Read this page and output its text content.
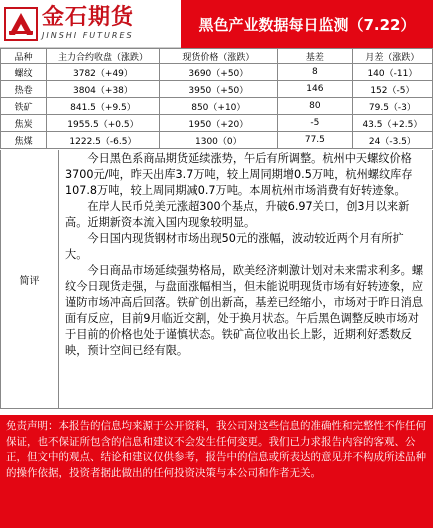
金石期货
JINSHI FUTURES
黑色产业数据每日监测（7.22）
品种	主力合约收盘（涨跌）	现货价格（涨跌）	基差	月差（涨跌）
螺纹	3782（+49）	3690（+50）	8	140（-11）
热卷	3804（+38）	3950（+50）	146	152（-5）
铁矿	841.5（+9.5）	850（+10）	80	79.5（-3）
焦炭	1955.5（+0.5）	1950（+20）	-5	43.5（+2.5）
焦煤	1222.5（-6.5）	1300（0）	77.5	24（-3.5）
简评

今日黑色系商品期货延续涨势，午后有所调整。杭州中天螺纹价格3700元/吨，昨天出库3.7万吨，较上周同期增0.5万吨，杭州螺纹库存107.8万吨，较上周同期减0.7万吨。本周杭州市场消费有好转迹象。

在岸人民币兑美元涨超300个基点，升破6.97关口，创3月以来新高。近期新资本流入国内现象较明显。

今日国内现货钢材市场出现50元的涨幅，波动较近两个月有所扩大。

今日商品市场延续强势格局，欧美经济刺激计划对未来需求利多。螺纹今日现货走强，与盘面涨幅相当，但未能说明现货市场有好转迹象，应谨防市场冲高后回落。铁矿创出新高，基差已经缩小，市场对于昨日消息面有反应，目前9月临近交割，处于换月状态。午后黑色调整反映市场对于目前的价格也处于谨慎状态。铁矿高位收出长上影，近期利好悉数反映，预计空间已经有限。

免责声明：本报告的信息均来源于公开资料，我公司对这些信息的准确性和完整性不作任何保证，也不保证所包含的信息和建议不会发生任何变更。我们已力求报告内容的客观、公正，但文中的观点、结论和建议仅供参考，报告中的信息或所表达的意见并不构成所述品种的操作依据，投资者据此做出的任何投资决策与本公司和作者无关。
